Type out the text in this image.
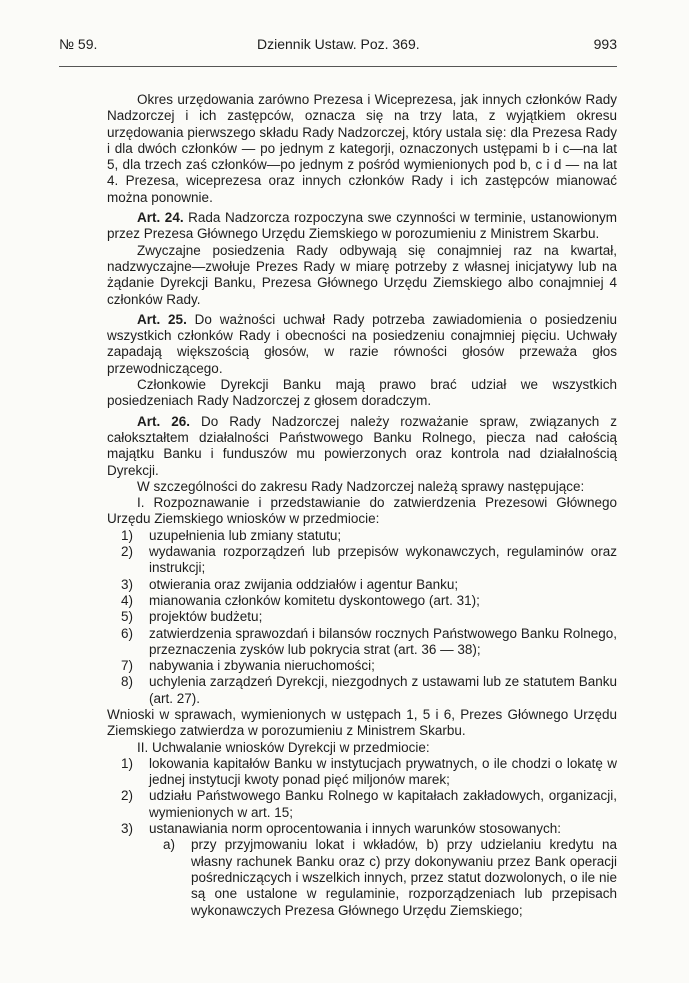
№ 59.	Dziennik Ustaw. Poz. 369.	993

Okres urzędowania zarówno Prezesa i Wiceprezesa, jak innych członków Rady Nadzorczej i ich zastępców, oznacza się na trzy lata, z wyjątkiem okresu urzędowania pierwszego składu Rady Nadzorczej, który ustala się: dla Prezesa Rady i dla dwóch członków — po jednym z kategorji, oznaczonych ustępami b i c—na lat 5, dla trzech zaś członków—po jednym z pośród wymienionych pod b, c i d — na lat 4. Prezesa, wiceprezesa oraz innych członków Rady i ich zastępców mianować można ponownie.

Art. 24. Rada Nadzorcza rozpoczyna swe czynności w terminie, ustanowionym przez Prezesa Głównego Urzędu Ziemskiego w porozumieniu z Ministrem Skarbu.

Zwyczajne posiedzenia Rady odbywają się conajmniej raz na kwartał, nadzwyczajne—zwołuje Prezes Rady w miarę potrzeby z własnej inicjatywy lub na żądanie Dyrekcji Banku, Prezesa Głównego Urzędu Ziemskiego albo conajmniej 4 członków Rady.

Art. 25. Do ważności uchwał Rady potrzeba zawiadomienia o posiedzeniu wszystkich członków Rady i obecności na posiedzeniu conajmniej pięciu. Uchwały zapadają większością głosów, w razie równości głosów przeważa głos przewodniczącego.

Członkowie Dyrekcji Banku mają prawo brać udział we wszystkich posiedzeniach Rady Nadzorczej z głosem doradczym.

Art. 26. Do Rady Nadzorczej należy rozważanie spraw, związanych z całokształtem działalności Państwowego Banku Rolnego, piecza nad całością majątku Banku i funduszów mu powierzonych oraz kontrola nad działalnością Dyrekcji.

W szczególności do zakresu Rady Nadzorczej należą sprawy następujące:

I. Rozpoznawanie i przedstawianie do zatwierdzenia Prezesowi Głównego Urzędu Ziemskiego wniosków w przedmiocie:

1) uzupełnienia lub zmiany statutu;
2) wydawania rozporządzeń lub przepisów wykonawczych, regulaminów oraz instrukcji;
3) otwierania oraz zwijania oddziałów i agentur Banku;
4) mianowania członków komitetu dyskontowego (art. 31);
5) projektów budżetu;
6) zatwierdzenia sprawozdań i bilansów rocznych Państwowego Banku Rolnego, przeznaczenia zysków lub pokrycia strat (art. 36 — 38);
7) nabywania i zbywania nieruchomości;
8) uchylenia zarządzeń Dyrekcji, niezgodnych z ustawami lub ze statutem Banku (art. 27).

Wnioski w sprawach, wymienionych w ustępach 1, 5 i 6, Prezes Głównego Urzędu Ziemskiego zatwierdza w porozumieniu z Ministrem Skarbu.

II. Uchwalanie wniosków Dyrekcji w przedmiocie:

1) lokowania kapitałów Banku w instytucjach prywatnych, o ile chodzi o lokatę w jednej instytucji kwoty ponad pięć miljonów marek;
2) udziału Państwowego Banku Rolnego w kapitałach zakładowych, organizacji, wymienionych w art. 15;
3) ustanawiania norm oprocentowania i innych warunków stosowanych:
a) przy przyjmowaniu lokat i wkładów, b) przy udzielaniu kredytu na własny rachunek Banku oraz c) przy dokonywaniu przez Bank operacji pośredniczących i wszelkich innych, przez statut dozwolonych, o ile nie są one ustalone w regulaminie, rozporządzeniach lub przepisach wykonawczych Prezesa Głównego Urzędu Ziemskiego;
